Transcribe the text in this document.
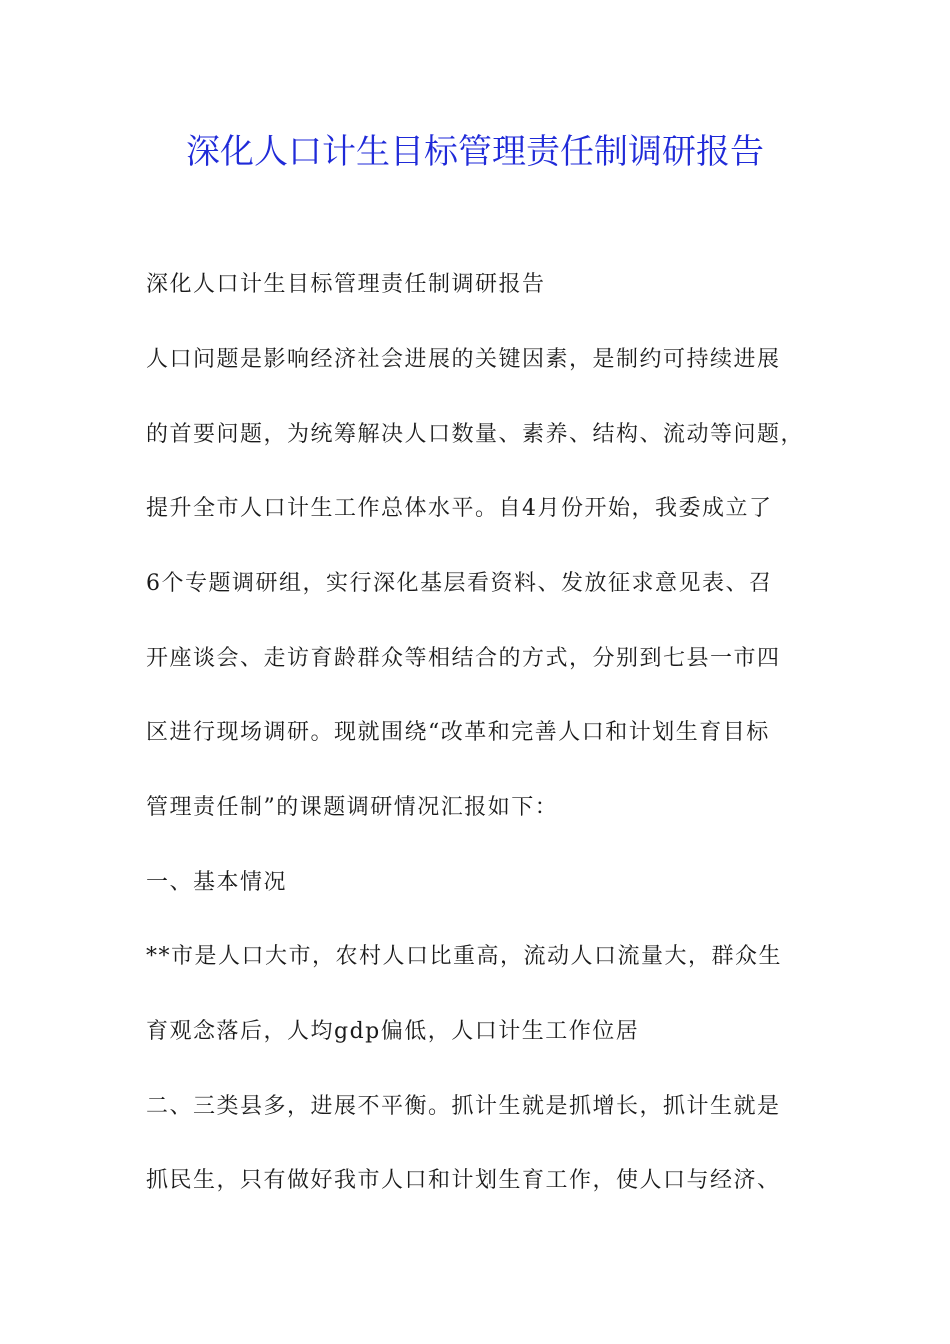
深化人口计生目标管理责任制调研报告
深化人口计生目标管理责任制调研报告
人口问题是影响经济社会进展的关键因素，是制约可持续进展
的首要问题，为统筹解决人口数量、素养、结构、流动等问题，
提升全市人口计生工作总体水平。自4月份开始，我委成立了
6个专题调研组，实行深化基层看资料、发放征求意见表、召
开座谈会、走访育龄群众等相结合的方式，分别到七县一市四
区进行现场调研。现就围绕“改革和完善人口和计划生育目标
管理责任制”的课题调研情况汇报如下：
一、基本情况
**市是人口大市，农村人口比重高，流动人口流量大，群众生
育观念落后，人均gdp偏低，人口计生工作位居
二、三类县多，进展不平衡。抓计生就是抓增长，抓计生就是
抓民生，只有做好我市人口和计划生育工作，使人口与经济、
